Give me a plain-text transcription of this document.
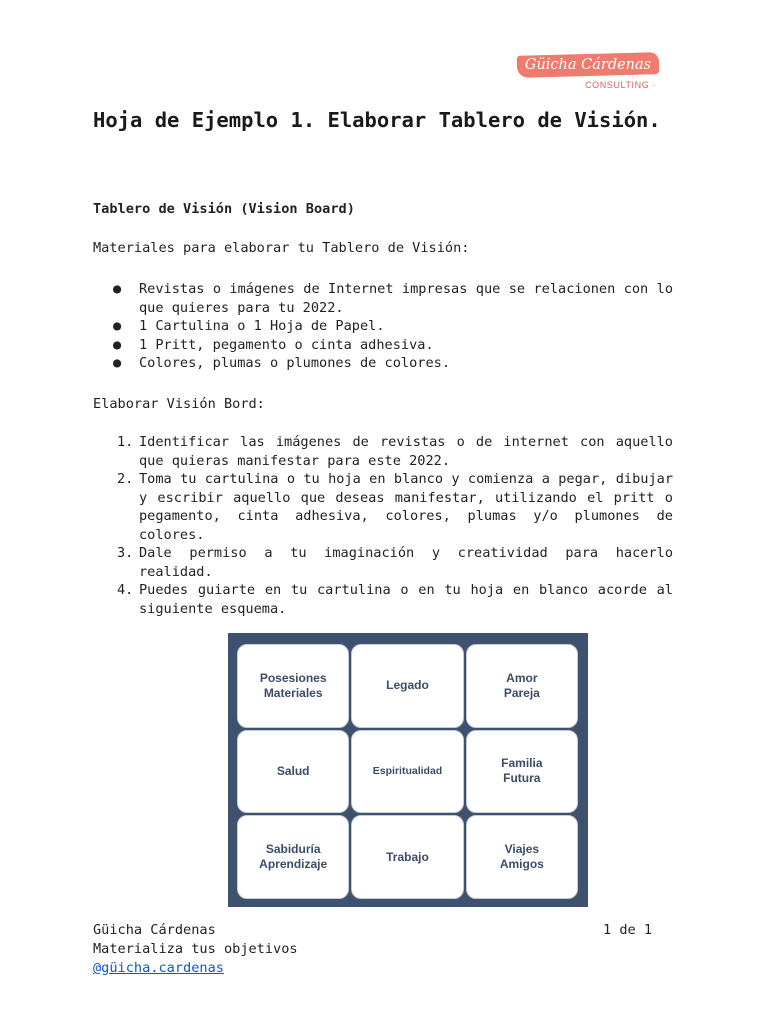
Güicha Cárdenas
CONSULTING ·
Hoja de Ejemplo 1. Elaborar Tablero de Visión.
Tablero de Visión (Vision Board)
Materiales para elaborar tu Tablero de Visión:
● Revistas o imágenes de Internet impresas que se relacionen con lo que quieres para tu 2022.
● 1 Cartulina o 1 Hoja de Papel.
● 1 Pritt, pegamento o cinta adhesiva.
● Colores, plumas o plumones de colores.
Elaborar Visión Bord:
1. Identificar las imágenes de revistas o de internet con aquello que quieras manifestar para este 2022.
2. Toma tu cartulina o tu hoja en blanco y comienza a pegar, dibujar y escribir aquello que deseas manifestar, utilizando el pritt o pegamento, cinta adhesiva, colores, plumas y/o plumones de colores.
3. Dale permiso a tu imaginación y creatividad para hacerlo realidad.
4. Puedes guiarte en tu cartulina o en tu hoja en blanco acorde al siguiente esquema.
Posesiones
Materiales
Legado
Amor
Pareja
Salud	Espiritualidad
Familia
Futura
Sabiduría
Aprendizaje
Trabajo
Viajes
Amigos
Güicha Cárdenas	1 de 1
Materializa tus objetivos
@güicha.cardenas
